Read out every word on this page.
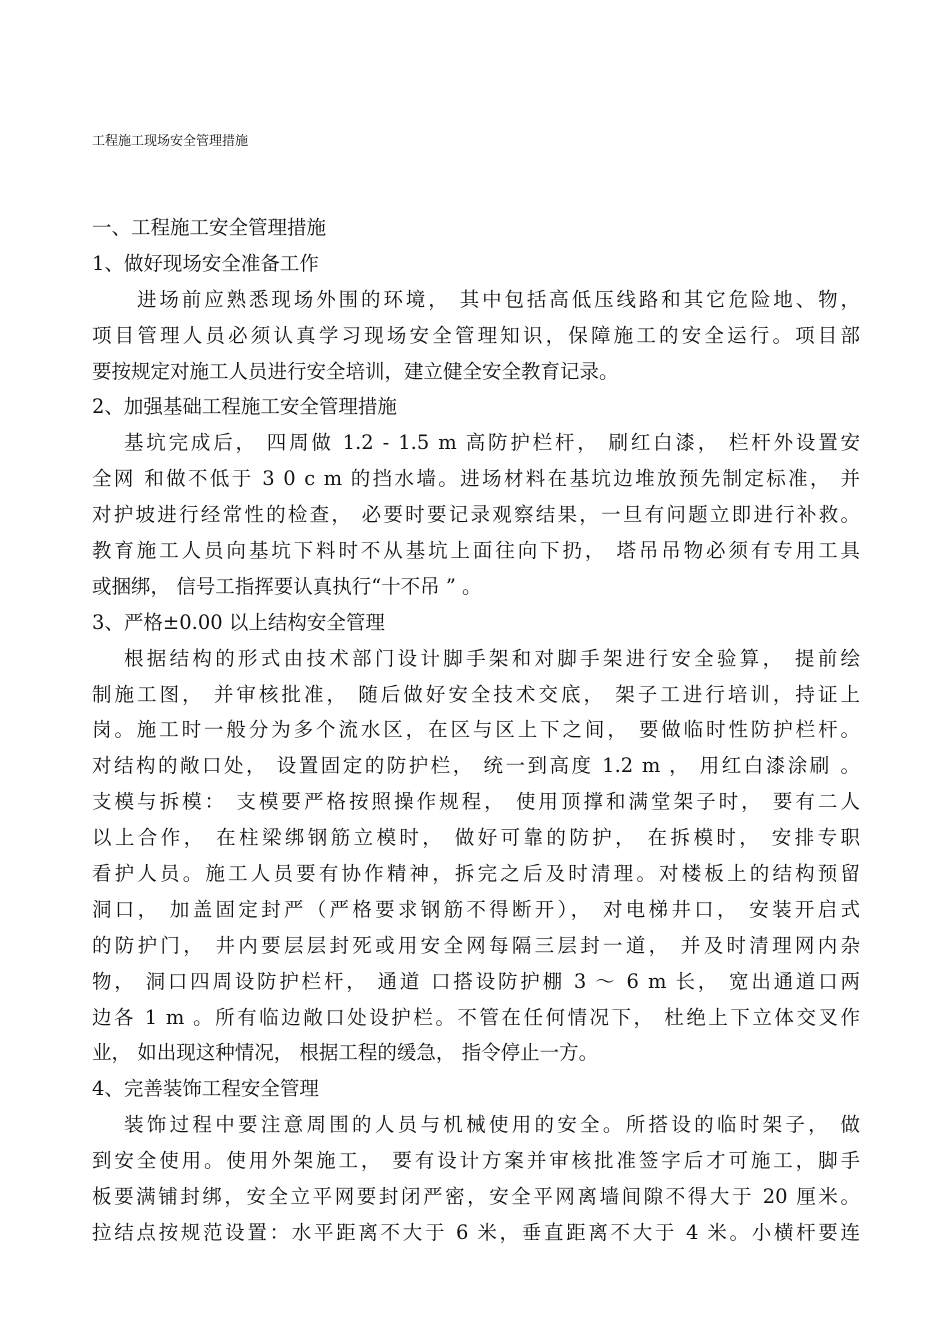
工程施工现场安全管理措施
一、工程施工安全管理措施
1、做好现场安全准备工作
进场前应熟悉现场外围的环境， 其中包括高低压线路和其它危险地、物，
项目管理人员必须认真学习现场安全管理知识，保障施工的安全运行。项目部
要按规定对施工人员进行安全培训，建立健全安全教育记录。
2、加强基础工程施工安全管理措施
基坑完成后， 四周做 1.2 - 1.5 m 高防护栏杆， 刷红白漆， 栏杆外设置安
全网 和做不低于 3 0 c m 的挡水墙。进场材料在基坑边堆放预先制定标准， 并
对护坡进行经常性的检查， 必要时要记录观察结果，一旦有问题立即进行补救。
教育施工人员向基坑下料时不从基坑上面往向下扔， 塔吊吊物必须有专用工具
或捆绑， 信号工指挥要认真执行“十不吊 ” 。
3、严格±0.00 以上结构安全管理
根据结构的形式由技术部门设计脚手架和对脚手架进行安全验算， 提前绘
制施工图， 并审核批准， 随后做好安全技术交底， 架子工进行培训，持证上
岗。施工时一般分为多个流水区，在区与区上下之间， 要做临时性防护栏杆。
对结构的敞口处， 设置固定的防护栏， 统一到高度 1.2 m ， 用红白漆涂刷 。
支模与拆模： 支模要严格按照操作规程， 使用顶撑和满堂架子时， 要有二人
以上合作， 在柱梁绑钢筋立模时， 做好可靠的防护， 在拆模时， 安排专职
看护人员。施工人员要有协作精神，拆完之后及时清理。对楼板上的结构预留
洞口， 加盖固定封严（严格要求钢筋不得断开）， 对电梯井口， 安装开启式
的防护门， 井内要层层封死或用安全网每隔三层封一道， 并及时清理网内杂
物， 洞口四周设防护栏杆， 通道 口搭设防护棚 3 ～ 6 m 长， 宽出通道口两
边各 1 m 。所有临边敞口处设护栏。不管在任何情况下， 杜绝上下立体交叉作
业， 如出现这种情况， 根据工程的缓急， 指令停止一方。
4、完善装饰工程安全管理
装饰过程中要注意周围的人员与机械使用的安全。所搭设的临时架子， 做
到安全使用。使用外架施工， 要有设计方案并审核批准签字后才可施工，脚手
板要满铺封绑，安全立平网要封闭严密，安全平网离墙间隙不得大于 20 厘米。
拉结点按规范设置：水平距离不大于 6 米，垂直距离不大于 4 米。小横杆要连
